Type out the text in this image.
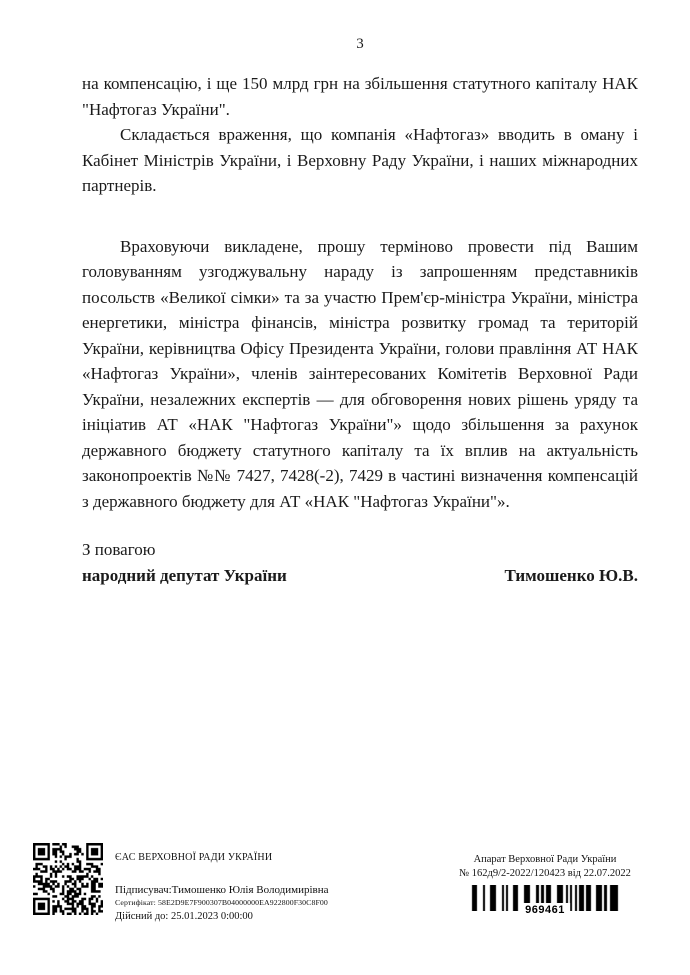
3

на компенсацію, і ще 150 млрд грн на збільшення статутного капіталу НАК "Нафтогаз України".

Складається враження, що компанія «Нафтогаз» вводить в оману і Кабінет Міністрів України, і Верховну Раду України, і наших міжнародних партнерів.

Враховуючи викладене, прошу терміново провести під Вашим головуванням узгоджувальну нараду із запрошенням представників посольств «Великої сімки» та за участю Прем'єр-міністра України, міністра енергетики, міністра фінансів, міністра розвитку громад та територій України, керівництва Офісу Президента України, голови правління АТ НАК «Нафтогаз України», членів заінтересованих Комітетів Верховної Ради України, незалежних експертів — для обговорення нових рішень уряду та ініціатив АТ «НАК "Нафтогаз України"» щодо збільшення за рахунок державного бюджету статутного капіталу та їх вплив на актуальність законопроектів №№ 7427, 7428(-2), 7429 в частині визначення компенсацій з державного бюджету для АТ «НАК "Нафтогаз України"».

З повагою
народний депутат України	Тимошенко Ю.В.
ЄАС ВЕРХОВНОЇ РАДИ УКРАЇНИ
Підписувач:Тимошенко Юлія Володимирівна
Сертифікат: 58E2D9E7F900307B04000000EA922800F30C8F00
Дійсний до: 25.01.2023 0:00:00
Апарат Верховної Ради України
№ 162д9/2-2022/120423 від 22.07.2022
969461
